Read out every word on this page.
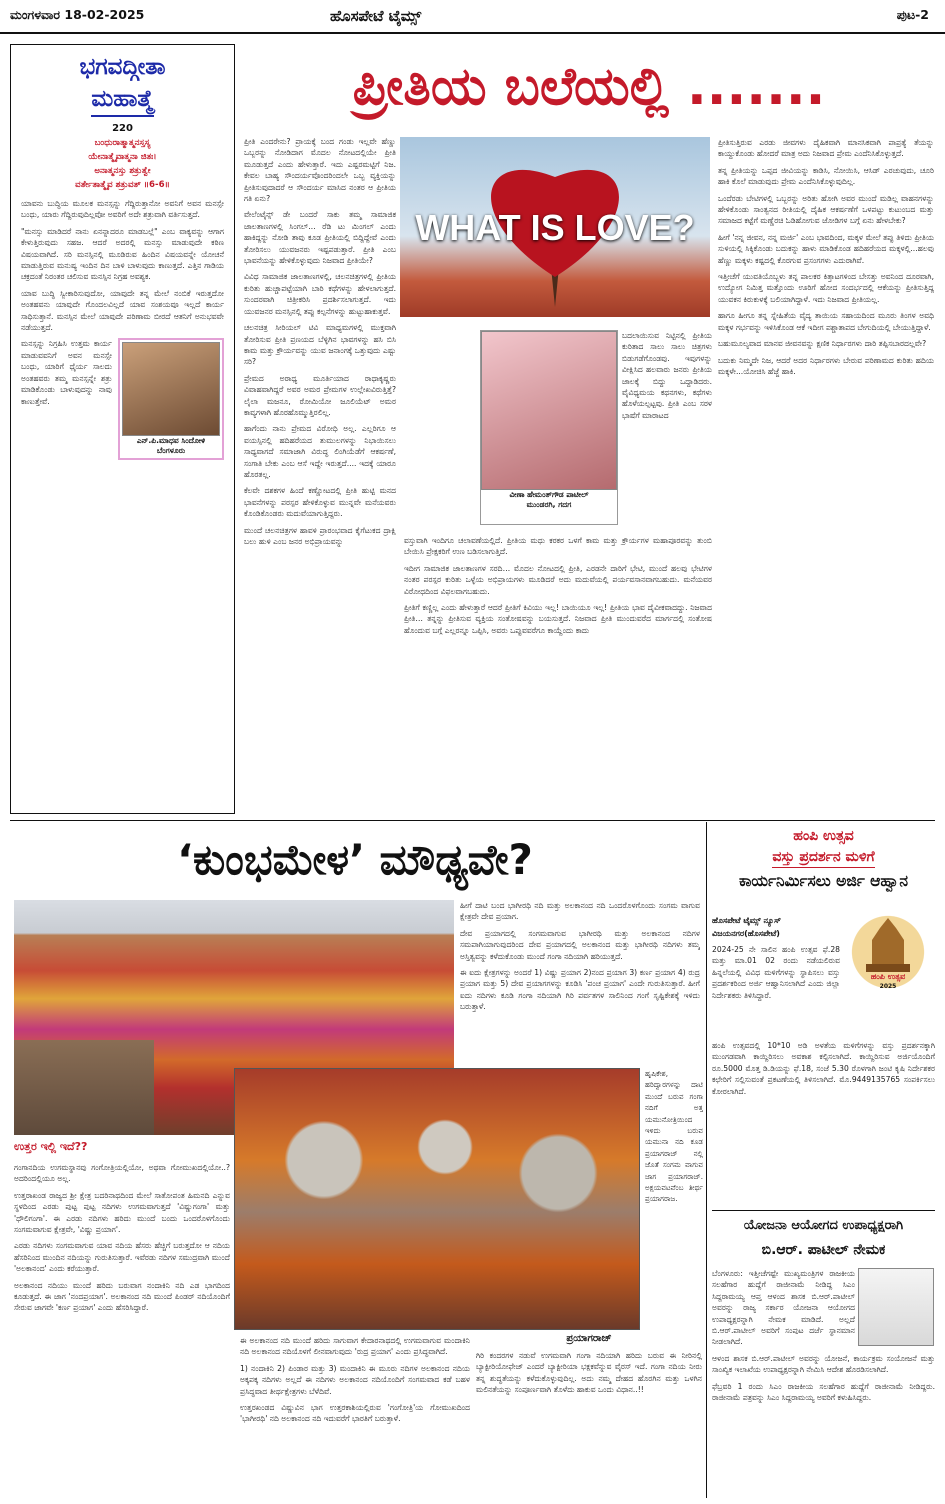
ಮಂಗಳವಾರ 18-02-2025	ಹೊಸಪೇಟೆ ಟೈಮ್ಸ್	ಪುಟ-2
ಭಗವದ್ಗೀತಾ
ಮಹಾತ್ಮೆ
220
ಬಂಧುರಾತ್ಮಾತ್ಮನಸ್ತಸ್ಯ
ಯೇನಾತ್ಮೈವಾತ್ಮನಾ ಜಿತಃ।
ಅನಾತ್ಮನಸ್ತು ಶತ್ರುತ್ವೇ
ವರ್ತೇತಾತ್ಮೈವ ಶತ್ರುವತ್ ॥6-6॥

ಯಾವನು ಬುದ್ಧಿಯ ಮೂಲಕ ಮನಸ್ಸನ್ನು ಗೆದ್ದಿರುತ್ತಾನೋ ಅವನಿಗೆ ಅವನ ಮನಸ್ಸೇ ಬಂಧು, ಯಾರು ಗೆದ್ದಿರುವುದಿಲ್ಲವೋ ಅವರಿಗೆ ಅದೇ ಶತ್ರುವಾಗಿ ವರ್ತಿಸುತ್ತದೆ.

"ಮನಸ್ಸು ಮಾಡಿದರೆ ನಾನು ಏನನ್ನಾದರೂ ಮಾಡಬಲ್ಲೆ" ಎಂಬ ವಾಕ್ಯವನ್ನು ಆಗಾಗ ಕೇಳುತ್ತಿರುವುದು ಸಹಜ. ಆದರೆ ಅದರಲ್ಲಿ ಮನಸ್ಸು ಮಾಡುವುದೇ ಕಠಿಣ ವಿಷಯವಾಗಿದೆ. ಸರಿ ಮನಸ್ಸಿನಲ್ಲಿ ಮೂಡಿರುವ ಹಿಂದಿನ ವಿಷಯವನ್ನೇ ಯೋಚನೆ ಮಾಡುತ್ತಿರುವ ಮನುಷ್ಯ ಇಂದಿನ ದಿನ ಬಾಳಿ ಬಾಳುವುದು ಕಾಣುತ್ತದೆ. ಎತ್ತಿನ ಗಾಡಿಯ ಚಕ್ರದಂತೆ ನಿರಂತರ ಚಲಿಸುವ ಮನಸ್ಸಿನ ನಿಗ್ರಹ ಅವಶ್ಯಕ.

ಯಾವ ಬುದ್ಧಿ ಸ್ವೀಕಾರಿಸುವುದೋ, ಯಾವುದೇ ತನ್ನ ಮೇಲೆ ನಂಬಿಕೆ ಇರುತ್ತದೋ ಅಂತಹವನು ಯಾವುದೇ ಗೊಂದಲವಿಲ್ಲದೆ ಯಾವ ಸಂಶಯವೂ ಇಲ್ಲದೆ ಕಾರ್ಯ ಸಾಧಿಸುತ್ತಾನೆ. ಮನಸ್ಸಿನ ಮೇಲೆ ಯಾವುದೇ ಪರಿಣಾಮ ಬೀರದೆ ಆತನಿಗೆ ಅನುಭವವೇ ನಡೆಯುತ್ತದೆ.

ಮನಸ್ಸನ್ನು ನಿಗ್ರಹಿಸಿ ಉತ್ತಮ ಕಾರ್ಯ ಮಾಡುವವನಿಗೆ ಅವನ ಮನಸ್ಸೇ ಬಂಧು, ಯಾರಿಗೆ ಧೈರ್ಯ ಸಾಲದು ಅಂತಹವರು ತಮ್ಮ ಮನಸ್ಸನ್ನೇ ಶತ್ರು ಮಾಡಿಕೊಂಡು ಬಾಳುವುದನ್ನು ನಾವು ಕಾಣುತ್ತೇವೆ.

ಎನ್.ಪಿ.ಮಾಧವ ಸಿಂದೋಳಿ
ಬೆಂಗಳೂರು
ಪ್ರೀತಿಯ ಬಲೆಯಲ್ಲಿ .......

ಪ್ರೀತಿ ಎಂದರೇನು? ಪ್ರಾಯಕ್ಕೆ ಬಂದ ಗಂಡು ಇಲ್ಲವೇ ಹೆಣ್ಣು ಒಬ್ಬರನ್ನು ನೋಡಿದಾಗ ಮೊದಲ ನೋಟದಲ್ಲಿಯೇ ಪ್ರೀತಿ ಮೂಡುತ್ತದೆ ಎಂದು ಹೇಳುತ್ತಾರೆ. ಇದು ಎಷ್ಟರಮಟ್ಟಿಗೆ ನಿಜ. ಕೇವಲ ಬಾಹ್ಯ ಸೌಂದರ್ಯವೊಂದರಿಂದಲೇ ಒಬ್ಬ ವ್ಯಕ್ತಿಯನ್ನು ಪ್ರೀತಿಸುವುದಾದರೆ ಆ ಸೌಂದರ್ಯ ಮಾಸಿದ ನಂತರ ಆ ಪ್ರೀತಿಯ ಗತಿ ಏನು?

ವೇಲೆಂಟೈನ್ಸ್ ಡೇ ಬಂದರೆ ಸಾಕು ತಮ್ಮ ಸಾಮಾಜಿಕ ಜಾಲತಾಣಗಳಲ್ಲಿ ಸಿಂಗಲ್… ರೆಡಿ ಟು ಮಿಂಗಲ್ ಎಂದು ಹಾಕಿದ್ದನ್ನು ನೋಡಿ ತಾವು ಕೂಡ ಪ್ರೀತಿಯಲ್ಲಿ ಬಿದ್ದಿದ್ದೇವೆ ಎಂದು ತೋರಿಸಲು ಯುವಜನರು ಇಷ್ಟಪಡುತ್ತಾರೆ. ಪ್ರೀತಿ ಎಂಬ ಭಾವನೆಯನ್ನು ಹೇಳಿಕೊಳ್ಳುವುದು ನಿಜವಾದ ಪ್ರೀತಿಯೇ?

ವಿವಿಧ ಸಾಮಾಜಿಕ ಜಾಲತಾಣಗಳಲ್ಲಿ, ಚಲನಚಿತ್ರಗಳಲ್ಲಿ ಪ್ರೀತಿಯ ಕುರಿತು ಹುಚ್ಚಾಪಟ್ಟೆಯಾಗಿ ಬಾರಿ ಕಥೆಗಳನ್ನು ಹೇಳಲಾಗುತ್ತದೆ. ಸುಂದರವಾಗಿ ಚಿತ್ರೀಕರಿಸಿ ಪ್ರದರ್ಶಿಸಲಾಗುತ್ತದೆ. ಇದು ಯುವಜನರ ಮನಸ್ಸಿನಲ್ಲಿ ತಪ್ಪು ಕಲ್ಪನೆಗಳನ್ನು ಹುಟ್ಟುಹಾಕುತ್ತವೆ.

ಚಲನಚಿತ್ರ ಸೀರಿಯಲ್ ಟಿವಿ ಮಾಧ್ಯಮಗಳಲ್ಲಿ ಮುಕ್ತವಾಗಿ ತೋರಿಸುವ ಪ್ರೀತಿ ಪ್ರಣಯದ ಬೆಳ್ಳಿಗಿನ ಭಾವಗಳನ್ನು ಹಸಿ ಬಿಸಿ ಕಾಮ ಮತ್ತು ಕ್ರೌರ್ಯವನ್ನು ಯುವ ಜನಾಂಗಕ್ಕೆ ಒತ್ತುವುದು ಎಷ್ಟು ಸರಿ?

ಪ್ರೇಮದ ಅರಾಧ್ಯ ಮೂರ್ತಿಯಾದ ರಾಧಾಕೃಷ್ಣರು ವಿವಾಹವಾಗಿದ್ದರೆ ಅವರ ಅಮರ ಪ್ರೇಮಗಳ ಉಲ್ಲೇಖವಿರುತ್ತಿತ್ತೆ? ಲೈಲಾ ಮಜನೂ, ರೋಮಿಯೋ ಜೂಲಿಯೆಟ್ ಅಮರ ಕಾವ್ಯಗಳಾಗಿ ಹೊರಹೊಮ್ಮುತ್ತಿರಲಿಲ್ಲ.

ಹಾಗೆಂದು ನಾನು ಪ್ರೇಮದ ವಿರೋಧಿ ಅಲ್ಲ. ಎಲ್ಲರಿಗೂ ಆ ವಯಸ್ಸಿನಲ್ಲಿ ಹದಿಹರೆಯದ ತುಮುಲಗಳನ್ನು ನಿಭಾಯಿಸಲು ಸಾಧ್ಯವಾಗದೆ ಸಮಾಜಾಗಿ ವಿರುದ್ಧ ಲಿಂಗಿಯೆಡೆಗೆ ಆಕರ್ಷಣೆ, ಸಂಗಾತಿ ಬೇಕು ಎಂಬ ಆಸೆ ಇದ್ದೇ ಇರುತ್ತದೆ.... ಇದಕ್ಕೆ ಯಾರೂ ಹೊರತಲ್ಲ.

ಕೆಲವೇ ದಶಕಗಳ ಹಿಂದೆ ಕಣ್ಣೋಟದಲ್ಲಿ ಪ್ರೀತಿ ಹುಟ್ಟಿ ಮನದ ಭಾವನೆಗಳನ್ನು ಪರಸ್ಪರ ಹೇಳಿಕೊಳ್ಳುವ ಮುನ್ನವೇ ಮನೆಯವರು ಕೊಂಡಿಕೊಂಡರು ಮದುವೆಯಾಗುತ್ತಿದ್ದರು.

ಮುಂದೆ ಚಲನಚಿತ್ರಗಳ ಹಾವಳಿ ಪ್ರಾರಂಭವಾದ ಕೈಗೆಟುಕದ ದ್ರಾಕ್ಷಿ ಬಲು ಹುಳಿ ಎಂಬ ಜನರ ಅಭಿಪ್ರಾಯವನ್ನು

WHAT IS LOVE?
ವೀಣಾ ಹೇಮಂತ್‌ಗೌಡ ಪಾಟೀಲ್
ಮುಂಡರಗಿ, ಗದಗ

ಬದಲಾಯಿಸುವ ನಿಟ್ಟಿನಲ್ಲಿ ಪ್ರೀತಿಯ ಕುರಿತಾದ ಸಾಲು ಸಾಲು ಚಿತ್ರಗಳು ಬಿಡುಗಡೆಗೊಂಡವು. ಇವುಗಳನ್ನು ವೀಕ್ಷಿಸಿದ ಹಲವಾರು ಜನರು ಪ್ರೀತಿಯ ಜಾಲಕ್ಕೆ ಬಿದ್ದು ಒದ್ದಾಡಿದರು. ವೈವಿಧ್ಯಮಯ ಕಥನಗಳು, ಕಥೆಗಳು ಹೊಳೆಯಲ್ಪಟ್ಟವು. ಪ್ರೀತಿ ಎಂಬ ಸರಳ ಭಾಷೆಗೆ ಮಾರಾಟದ

ವಸ್ತುವಾಗಿ ಇಂದಿಗೂ ಚಲಾವಣೆಯಲ್ಲಿದೆ. ಪ್ರೀತಿಯ ಮಧು ಕರಕರ ಒಳಗೆ ಕಾಮ ಮತ್ತು ಕ್ರೌರ್ಯಗಳ ಮಹಾಪೂರವನ್ನು ತುಂಬಿ ಬೇಯಿಸಿ ಪ್ರೇಕ್ಷಕರಿಗೆ ಉಣ ಬಡಿಸಲಾಗುತ್ತಿದೆ.

ಇದೀಗ ಸಾಮಾಜಿಕ ಜಾಲತಾಣಗಳ ಸರದಿ… ಮೊದಲ ನೋಟದಲ್ಲಿ ಪ್ರೀತಿ, ಎರಡನೇ ದಾರಿಗೆ ಭೇಟಿ, ಮುಂದೆ ಹಲವು ಭೇಟಿಗಳ ನಂತರ ಪರಸ್ಪರ ಕುರಿತು ಒಳ್ಳೆಯ ಅಭಿಪ್ರಾಯಗಳು ಮೂಡಿದರೆ ಅದು ಮದುವೆಯಲ್ಲಿ ಪರ್ಯವಸಾನವಾಗಬಹುದು. ಮನೆಯವರ ವಿರೋಧದಿಂದ ವಿಫಲವಾಗಬಹುದು.

ಪ್ರೀತಿಗೆ ಕಣ್ಣಿಲ್ಲ ಎಂದು ಹೇಳುತ್ತಾರೆ ಆದರೆ ಪ್ರೀತಿಗೆ ಕಿವಿಯು ಇಲ್ಲ! ಬಾಯಿಯೂ ಇಲ್ಲ! ಪ್ರೀತಿಯ ಭಾವ ದೈವೀಕವಾದದ್ದು. ನಿಜವಾದ ಪ್ರೀತಿ… ತನ್ನನ್ನು ಪ್ರೀತಿಸುವ ವ್ಯಕ್ತಿಯ ಸಂತೋಷವನ್ನು ಬಯಸುತ್ತದೆ. ನಿಜವಾದ ಪ್ರೀತಿ ಮುಂದುವರೆದ ಮಾರ್ಗದಲ್ಲಿ ಸಂತೋಷ ಹೊಂದುವ ಬಗ್ಗೆ ಎಲ್ಲರನ್ನೂ ಒಪ್ಪಿಸಿ, ಅವರು ಒಪ್ಪುವವರೆಗೂ ಕಾಯ್ದೆಂದು ಕಾದು

ಪ್ರೀತಿಸುತ್ತಿರುವ ಎರಡು ಜೀವಗಳು ದೈಹಿಕವಾಗಿ ಮಾನಸಿಕವಾಗಿ ಪಾಪ್ರತ್ಯೆ ತೆಯನ್ನು ಕಾಯ್ದುಕೊಂಡು ಹೋದರೆ ಮಾತ್ರ ಅದು ನಿಜವಾದ ಪ್ರೇಮ ಎಂದೆನಿಸಿಕೊಳ್ಳುತ್ತದೆ.

ತನ್ನ ಪ್ರೀತಿಯನ್ನು ಒಪ್ಪದ ಜೀವಿಯನ್ನು ಕಾಡಿಸಿ, ನೋಯಿಸಿ, ಆಸಿಡ್ ಎರಚುವುದು, ಚೂರಿ ಹಾಕಿ ಕೊಲೆ ಮಾಡುವುದು ಪ್ರೇಮ ಎಂದೆನಿಸಿಕೊಳ್ಳುವುದಿಲ್ಲ.

ಒಂದೆರಡು ಬೇಟಿಗಳಲ್ಲಿ ಒಬ್ಬರನ್ನು ಅರಿತು ಹೋಗಿ ಅವರ ಮುಂದೆ ಮಡಿಲ್ಲ ವಾಹನಗಳನ್ನು ಹೇಳಿಕೊಂಡು ಸಾಂತ್ವನದ ರೀತಿಯಲ್ಲಿ ದೈಹಿಕ ಆಕರ್ಷಣೆಗೆ ಒಳಪಟ್ಟು ಕುಟುಂಬದ ಮತ್ತು ಸಮಾಜದ ಕಟ್ಟೆಗೆ ಮಣ್ಣೆರಚಿ ಓಡಿಹೋಗುವ ಜೋಡಿಗಳ ಬಗ್ಗೆ ಏನು ಹೇಳಬೇಕು?

ಹೀಗೆ 'ನನ್ನ ಜೀವನ, ನನ್ನ ಮರ್ಜಿ' ಎಂಬ ಭಾವದಿಂದ, ಮಕ್ಕಳ ಮೇಲೆ ತಪ್ಪು ತಿಳಿದು ಪ್ರೀತಿಯ ಸುಳಿಯಲ್ಲಿ ಸಿಕ್ಕಿಕೊಂಡು ಬದುಕನ್ನು ಹಾಳು ಮಾಡಿಕೊಂಡ ಹದಿಹರೆಯದ ಮಕ್ಕಳಲ್ಲಿ...ಹಲವು ಹೆಣ್ಣು ಮಕ್ಕಳು ಕಷ್ಟದಲ್ಲಿ ಕೊರಗುವ ಪ್ರಸಂಗಗಳು ಎದುರಾಗಿವೆ.

ಇತ್ತೀಚೆಗೆ ಯುವತಿಯೊಬ್ಬಳು ತನ್ನ ಪಾಲಕರ ಕಿತ್ತಾಟಗಳಿಂದ ಬೇಸತ್ತು ಅವನಿಂದ ದೂರವಾಗಿ, ಉದ್ಯೋಗ ನಿಮಿತ್ತ ಮತ್ತೊಂದು ಊರಿಗೆ ಹೋದ ಸಂದರ್ಭದಲ್ಲಿ ಆಕೆಯನ್ನು ಪ್ರೀತಿಸುತ್ತಿದ್ದ ಯುವಕನ ಕಿರುಕುಳಕ್ಕೆ ಬಲಿಯಾಗಿದ್ದಾಳೆ. ಇದು ನಿಜವಾದ ಪ್ರೀತಿಯಲ್ಲ.

ಹಾಗೂ ಹೀಗೂ ತನ್ನ ಸ್ನೇಹಿತೆಯ ವೈದ್ಯ ತಾಯಿಯ ಸಹಾಯದಿಂದ ಮೂರು ತಿಂಗಳ ಅವಧಿ ಮಕ್ಕಳ ಗರ್ಭವನ್ನು ಇಳಿಸಿಕೊಂಡ ಆಕೆ ಇದೀಗ ಪಶ್ಚಾತಾಪದ ಬೇಗುದಿಯಲ್ಲಿ ಬೇಯುತ್ತಿದ್ದಾಳೆ.

ಬಹುಮೂಲ್ಯವಾದ ಮಾನವ ಜೀವನವನ್ನು ಕ್ಷಣಿಕ ನಿರ್ಧಾರಗಳು ದಾರಿ ತಪ್ಪಿಸಬಾರದಲ್ಲವೇ?

ಬದುಕು ನಿಮ್ಮದೇ ನಿಜ, ಆದರೆ ಅದರ ನಿರ್ಧಾರಗಳು ಬೇರುವ ಪರಿಣಾಮದ ಕುರಿತು ಹದಿಯ ಮಕ್ಕಳೇ...ಯೋಚಿಸಿ ಹೆಜ್ಜೆ ಹಾಕಿ.

‘ಕುಂಭಮೇಳ’ ಮೌಢ್ಯವೇ?

ಹೀಗೆ ದಾಟಿ ಬಂದ ಭಾಗೀರಥಿ ನದಿ ಮತ್ತು ಅಲಕಾನಂದ ನದಿ ಒಂದರೊಳಗೊಂದು ಸಂಗಮ ವಾಗುವ ಕ್ಷೇತ್ರವೇ ದೇವ ಪ್ರಯಾಗ.

ದೇವ ಪ್ರಯಾಗದಲ್ಲಿ ಸಂಗಮವಾಗುವ ಭಾಗೀರಥಿ ಮತ್ತು ಅಲಕಾನಂದ ನದಿಗಳ ಸಮಪಾಗಿಯಾಗುವುದರಿಂದ ದೇವ ಪ್ರಯಾಗದಲ್ಲಿ ಅಲಕಾನಂದ ಮತ್ತು ಭಾಗೀರಥಿ ನದಿಗಳು ತಮ್ಮ ಅಸ್ತಿತ್ವವನ್ನು ಕಳೆದುಕೊಂಡು ಮುಂದೆ ಗಂಗಾ ನದಿಯಾಗಿ ಹರಿಯುತ್ತದೆ.

ಈ ಐದು ಕ್ಷೇತ್ರಗಳನ್ನು ಅಂದರೆ 1) ವಿಷ್ಣು ಪ್ರಯಾಗ 2)ನಂದ ಪ್ರಯಾಗ 3) ಕರ್ಣ ಪ್ರಯಾಗ 4) ರುದ್ರ ಪ್ರಯಾಗ ಮತ್ತು 5) ದೇವ ಪ್ರಯಾಗಗಳನ್ನು ಕೂಡಿಸಿ 'ಪಂಚ ಪ್ರಯಾಗ' ಎಂದೇ ಗುರುತಿಸುತ್ತಾರೆ. ಹೀಗೆ ಐದು ನದಿಗಳು ಕೂಡಿ ಗಂಗಾ ನದಿಯಾಗಿ ಗಿರಿ ಪರ್ವತಗಳ ಸಾಲಿನಿಂದ ಗಂಗೆ ಸೃಷ್ಟಿಕೇಶಕ್ಕೆ ಇಳಿದು ಬರುತ್ತಾಳೆ.

ಹೃಷಿಕೇಶ, ಹರಿದ್ವಾರಗಳನ್ನು ದಾಟಿ ಮುಂದೆ ಬರುವ ಗಂಗಾ ನದಿಗೆ ಅತ್ತ ಯಮುನೋತ್ರಿಯಿಂದ ಇಳಿದು ಬರುವ ಯಮುನಾ ನದಿ ಕೂಡ ಪ್ರಯಾಗರಾಜ್ ನಲ್ಲಿ ಜೊತೆ ಸಂಗಮ ವಾಗುವ ಜಾಗ ಪ್ರಯಾಗರಾಜ್. ಅಕ್ಷಯವಟವೆಂಬ ತೀರ್ಥ ಪ್ರಯಾಗರಾಜ.

ಉತ್ತರ ಇಲ್ಲಿ ಇದೆ??

ಗಂಗಾನದಿಯ ಉಗಮಸ್ಥಾನವು ಗಂಗೋತ್ರಿಯಲ್ಲಿಯೋ, ಅಥವಾ ಗೋಮುಖದಲ್ಲಿಯೋ..? ಅದರಿಂದಲ್ಲಿಯೂ ಅಲ್ಲ.

ಉತ್ತರಾಖಂಡ ರಾಜ್ಯದ ಶ್ರೀ ಕ್ಷೇತ್ರ ಬದರಿನಾಥದಿಂದ ಮೇಲೆ ಸಾತೋಪಂತ ಹಿಮನದಿ ಎನ್ನುವ ಸ್ಥಳದಿಂದ ಎರಡು ಪುಟ್ಟ ಪುಟ್ಟ ನದಿಗಳು ಉಗಮವಾಗುತ್ತದೆ 'ವಿಷ್ಣುಗಂಗಾ' ಮತ್ತು 'ಧೌಲಿಗಂಗಾ'. ಈ ಎರಡು ನದಿಗಳು ಹರಿದು ಮುಂದೆ ಬಂದು ಒಂದರೊಳಗೊಂದು ಸಂಗಮವಾಗುವ ಕ್ಷೇತ್ರವೇ, 'ವಿಷ್ಣು ಪ್ರಯಾಗ'.

ಎರಡು ನದಿಗಳು ಸಂಗಮವಾಗುವ ಯಾವ ನದಿಯ ಹೆಸರು ಹೆಚ್ಚಿಗೆ ಬರುತ್ತದೋ ಆ ನದಿಯ ಹೆಸರಿನಿಂದ ಮುಂದಿನ ನದಿಯನ್ನು ಗುರುತಿಸುತ್ತಾರೆ. ಇವೆರಡು ನದಿಗಳ ಸಮುದ್ರವಾಗಿ ಮುಂದೆ 'ಅಲಕಾನಂದ' ಎಂದು ಕರೆಯುತ್ತಾರೆ.

ಅಲಕಾನಂದ ನದಿಯು ಮುಂದೆ ಹರಿದು ಬರುವಾಗ ನಂದಾಕಿನಿ ನದಿ ಎಡ ಭಾಗದಿಂದ ಕೂಡುತ್ತದೆ. ಈ ಜಾಗ 'ನಂದಪ್ರಯಾಗ'. ಅಲಕಾನಂದ ನದಿ ಮುಂದೆ ಪಿಂಡರ್ ನದಿಯೊಂದಿಗೆ ಸೇರುವ ಜಾಗವೇ 'ಕರ್ಣ ಪ್ರಯಾಗ' ಎಂದು ಹೆಸರಿಸಿದ್ದಾರೆ.

ಈ ಅಲಕಾನಂದ ನದಿ ಮುಂದೆ ಹರಿದು ಸಾಗುವಾಗ ಕೇದಾರನಾಥದಲ್ಲಿ ಉಗಮವಾಗುವ ಮಂದಾಕಿನಿ ನದಿ ಅಲಕಾನಂದ ನದಿಯೊಳಗೆ ಲೀನವಾಗುವುದು 'ರುದ್ರ ಪ್ರಯಾಗ' ಎಂದು ಪ್ರಸಿದ್ಧವಾಗಿದೆ.

1) ನಂದಾಕಿನಿ 2) ಪಿಂಡಾರ ಮತ್ತು 3) ಮಂದಾಕಿನಿ ಈ ಮೂರು ನದಿಗಳ ಅಲಕಾನಂದ ನದಿಯ ಅಕ್ಕಪಕ್ಕ ನದಿಗಳು ಅಲ್ಲದೆ ಈ ನದಿಗಳು ಅಲಕಾನಂದ ನದಿಯೊಂದಿಗೆ ಸಂಗಮವಾದ ಕಡೆ ಬಹಳ ಪ್ರಸಿದ್ಧವಾದ ತೀರ್ಥಕ್ಷೇತ್ರಗಳು ಬೆಳೆದಿವೆ.

ಉತ್ತರಖಂಡದ ವಿಷ್ಣುವಿನ ಭಾಗ ಉತ್ತರಕಾಶಿಯಲ್ಲಿರುವ 'ಗಂಗೋತ್ರಿ'ಯ ಗೋಮುಖದಿಂದ 'ಭಾಗೀರಥಿ' ನದಿ ಅಲಕಾನಂದ ನದಿ ಇದುವರೆಗೆ ಭಾರತಿಗೆ ಬರುತ್ತಾಳೆ.

ಪ್ರಯಾಗರಾಜ್

ಗಿರಿ ಕಂದರಗಳ ನಡುವೆ ಉಗಮವಾಗಿ ಗಂಗಾ ನದಿಯಾಗಿ ಹರಿದು ಬರುವ ಈ ನೀರಿನಲ್ಲಿ ಬ್ಯಾಕ್ಟೀರಿಯೋಫೇಜ್ ಎಂದರೆ ಬ್ಯಾಕ್ಟೀರಿಯಾ ಭಕ್ಷಕವೆನ್ನುವ ವೈರಸ್ ಇದೆ. ಗಂಗಾ ನದಿಯ ನೀರು ತನ್ನ ಶುದ್ಧತೆಯನ್ನು ಕಳೆದುಕೊಳ್ಳುವುದಿಲ್ಲ. ಅದು ನಮ್ಮ ದೇಹದ ಹೊರಗಿನ ಮತ್ತು ಒಳಗಿನ ಮಲಿನತೆಯನ್ನು ಸಂಪೂರ್ಣವಾಗಿ ತೊಳೆದು ಹಾಕುವ ಒಂದು ವಿಧಾನ..!!

ಹಂಪಿ ಉತ್ಸವ
ವಸ್ತು ಪ್ರದರ್ಶನ ಮಳಿಗೆ
ಕಾರ್ಯನಿರ್ಮಿಸಲು ಅರ್ಜಿ ಆಹ್ವಾನ
ಹೊಸಪೇಟೆ ಟೈಮ್ಸ್ ನ್ಯೂಸ್
ವಿಜಯನಗರ(ಹೊಸಪೇಟೆ)
ಹಂಪಿ ಉತ್ಸವ
2025

2024-25 ನೇ ಸಾಲಿನ ಹಂಪಿ ಉತ್ಸವ ಫೆ.28 ಮತ್ತು ಮಾ.01 02 ರಂದು ನಡೆಯಲಿರುವ ಹಿನ್ನಲೆಯಲ್ಲಿ ವಿವಿಧ ಮಳಿಗೆಗಳನ್ನು ಸ್ಥಾಪಿಸಲು ವಸ್ತು ಪ್ರದರ್ಶಕರಿಂದ ಅರ್ಜಿ ಆಹ್ವಾನಿಸಲಾಗಿದೆ ಎಂದು ಜಿಲ್ಲಾ ನಿರ್ದೇಶಕರು ತಿಳಿಸಿದ್ದಾರೆ.

ಹಂಪಿ ಉತ್ಸವದಲ್ಲಿ 10*10 ಅಡಿ ಅಳತೆಯ ಮಳಿಗೆಗಳನ್ನು ವಸ್ತು ಪ್ರದರ್ಶನಕ್ಕಾಗಿ ಮುಂಗಡವಾಗಿ ಕಾಯ್ದಿರಿಸಲು ಅವಕಾಶ ಕಲ್ಪಿಸಲಾಗಿದೆ. ಕಾಯ್ದಿರಿಸುವ ಅರ್ಜಿಯೊಂದಿಗೆ ರೂ.5000 ಮೊತ್ತ ಡಿ.ಡಿಯನ್ನು ಫೆ.18, ಸಂಜೆ 5.30 ರೊಳಗಾಗಿ ಜಂಟಿ ಕೃಷಿ ನಿರ್ದೇಶಕರ ಕಛೇರಿಗೆ ಸಲ್ಲಿಸುವಂತೆ ಪ್ರಕಟಣೆಯಲ್ಲಿ ತಿಳಿಸಲಾಗಿದೆ. ಮೊ.9449135765 ಸಂಪರ್ಕಿಸಲು ಕೋರಲಾಗಿದೆ.

ಯೋಜನಾ ಆಯೋಗದ ಉಪಾಧ್ಯಕ್ಷರಾಗಿ
ಬಿ.ಆರ್. ಪಾಟೀಲ್ ನೇಮಕ

ಬೆಂಗಳೂರು: ಇತ್ತೀಚೆಗಷ್ಟೇ ಮುಖ್ಯಮಂತ್ರಿಗಳ ರಾಜಕೀಯ ಸಲಹೆಗಾರ ಹುದ್ದೆಗೆ ರಾಜೀನಾಮೆ ನೀಡಿದ್ದ ಸಿಎಂ ಸಿದ್ದರಾಮಯ್ಯ ಆಪ್ತ ಆಳಂದ ಶಾಸಕ ಬಿ.ಆರ್.ಪಾಟೀಲ್ ಅವರನ್ನು ರಾಜ್ಯ ಸರ್ಕಾರ ಯೋಜನಾ ಆಯೋಗದ ಉಪಾಧ್ಯಕ್ಷರನ್ನಾಗಿ ನೇಮಕ ಮಾಡಿದೆ. ಅಲ್ಲದೆ ಬಿ.ಆರ್.ಪಾಟೀಲ್ ಅವರಿಗೆ ಸಂಪುಟ ದರ್ಜೆ ಸ್ಥಾನಮಾನ ನೀಡಲಾಗಿದೆ.

ಆಳಂದ ಶಾಸಕ ಬಿ.ಆರ್.ಪಾಟೀಲ್ ಅವರನ್ನು ಯೋಜನೆ, ಕಾರ್ಯಕ್ರಮ ಸಂಯೋಜನೆ ಮತ್ತು ಸಾಂಖ್ಯಿಕ ಇಲಾಖೆಯ ಉಪಾಧ್ಯಕ್ಷರನ್ನಾಗಿ ನೇಮಿಸಿ ಆದೇಶ ಹೊರಡಿಸಲಾಗಿದೆ.

ಫೆಬ್ರವರಿ 1 ರಂದು ಸಿಎಂ ರಾಜಕೀಯ ಸಲಹೆಗಾರ ಹುದ್ದೆಗೆ ರಾಜೀನಾಮೆ ನೀಡಿದ್ದರು. ರಾಜೀನಾಮೆ ಪತ್ರವನ್ನು ಸಿಎಂ ಸಿದ್ದರಾಮಯ್ಯ ಅವರಿಗೆ ಕಳುಹಿಸಿದ್ದರು.
